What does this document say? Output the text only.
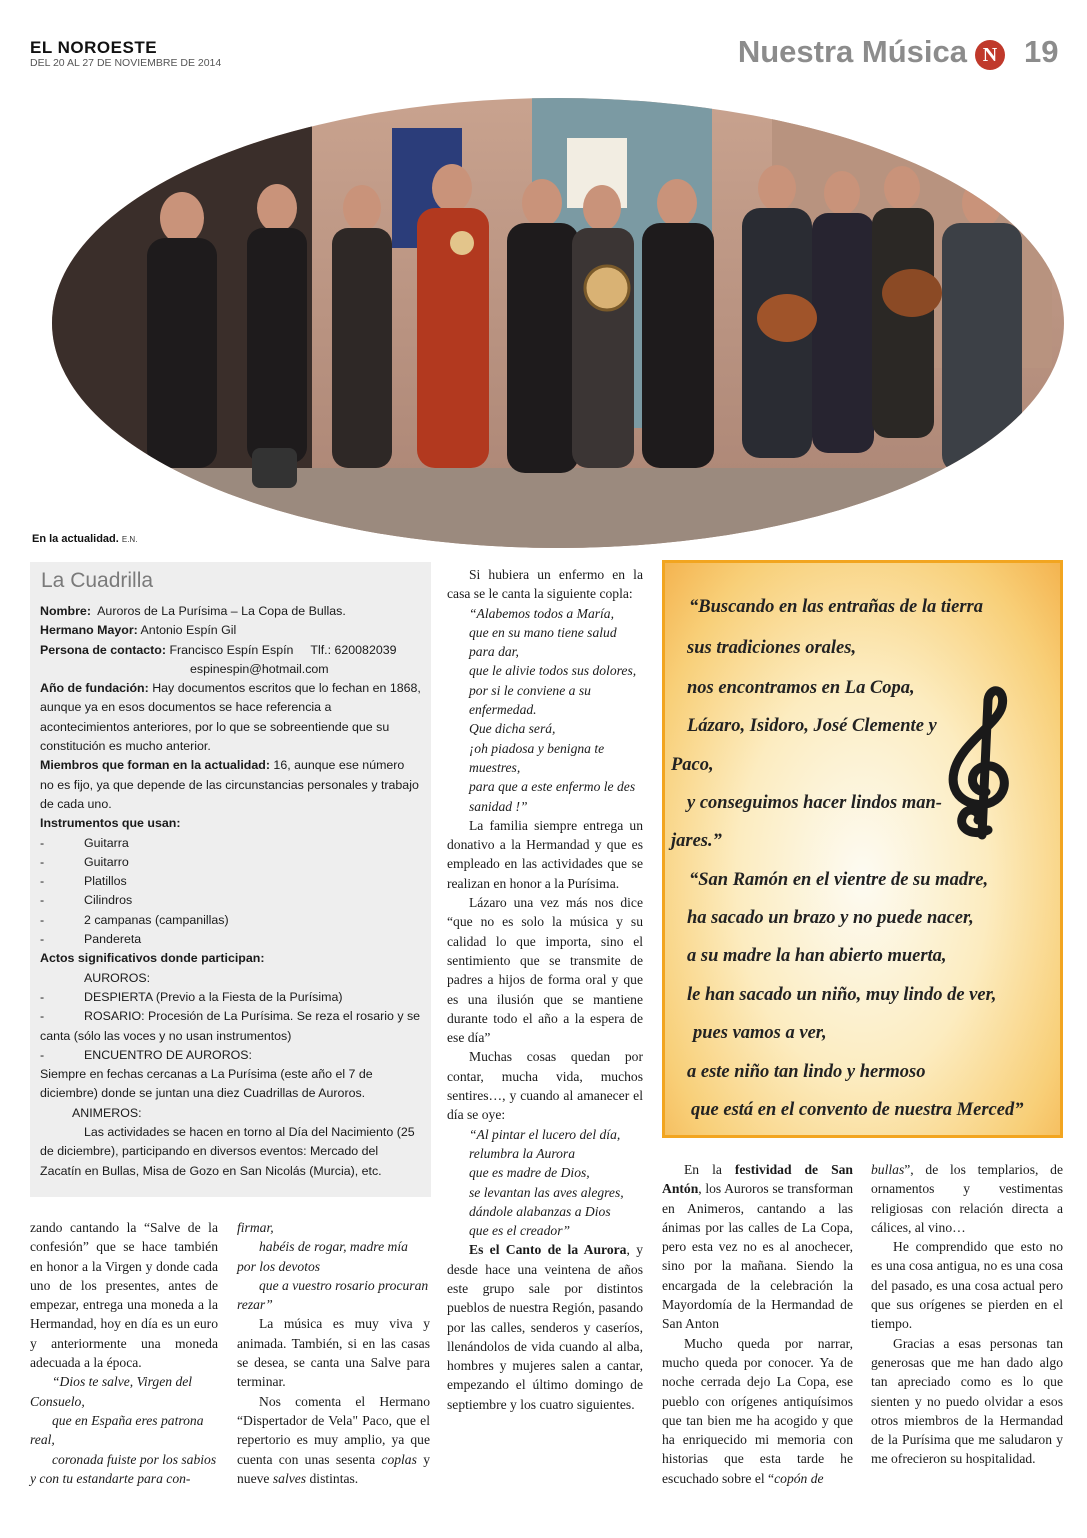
EL NOROESTE
DEL 20 AL 27 DE NOVIEMBRE DE 2014	Nuestra Música N 19
En la actualidad. E.N.
La Cuadrilla

Nombre: Auroros de La Purísima – La Copa de Bullas.

Hermano Mayor: Antonio Espín Gil

Persona de contacto: Francisco Espín Espín     Tlf.: 620082039

espinespin@hotmail.com

Año de fundación: Hay documentos escritos que lo fechan en 1868, aunque ya en esos documentos se hace referencia a acontecimientos anteriores, por lo que se sobreentiende que su constitución es mucho anterior.

Miembros que forman en la actualidad: 16, aunque ese número no es fijo, ya que depende de las circunstancias personales y trabajo de cada uno.

Instrumentos que usan:

-	Guitarra
-	Guitarro
-	Platillos
-	Cilindros
-	2 campanas (campanillas)
-	Pandereta

Actos significativos donde participan:

AUROROS:

-	DESPIERTA (Previo a la Fiesta de la Purísima)

-	ROSARIO: Procesión de La Purísima. Se reza el rosario y se canta (sólo las voces y no usan instrumentos)

-	ENCUENTRO DE AUROROS:

Siempre en fechas cercanas a La Purísima (este año el 7 de diciembre) donde se juntan una diez Cuadrillas de Auroros.

ANIMEROS:

Las actividades se hacen en torno al Día del Nacimiento (25 de diciembre), participando en diversos eventos: Mercado del Zacatín en Bullas, Misa de Gozo en San Nicolás (Murcia), etc.

Si hubiera un enfermo en la casa se le canta la siguiente copla:

“Alabemos todos a María,
que en su mano tiene salud para dar,
que le alivie todos sus dolores,
por si le conviene a su enfermedad.
Que dicha será,
¡oh piadosa y benigna te muestres,
para que a este enfermo le des sanidad !”

La familia siempre entrega un donativo a la Hermandad y que es empleado en las actividades que se realizan en honor a la Purísima.

Lázaro una vez más nos dice “que no es solo la música y su calidad lo que importa, sino el sentimiento que se transmite de padres a hijos de forma oral y que es una ilusión que se mantiene durante todo el año a la espera de ese día”

Muchas cosas quedan por contar, mucha vida, muchos sentires…, y cuando al amanecer el día se oye:

“Al pintar el lucero del día,
relumbra la Aurora
que es madre de Dios,
se levantan las aves alegres,
dándole alabanzas a Dios
que es el creador”

Es el Canto de la Aurora, y desde hace una veintena de años este grupo sale por distintos pueblos de nuestra Región, pasando por las calles, senderos y caseríos, llenándolos de vida cuando al alba, hombres y mujeres salen a cantar, empezando el último domingo de septiembre y los cuatro siguientes.

zando cantando la “Salve de la confesión” que se hace también en honor a la Virgen y donde cada uno de los presentes, antes de empezar, entrega una moneda a la Hermandad, hoy en día es un euro y anteriormente una moneda adecuada a la época.

“Dios te salve, Virgen del Consuelo,

que en España eres patrona real,

coronada fuiste por los sabios

y con tu estandarte para con-

firmar,

habéis de rogar, madre mía por los devotos

que a vuestro rosario procuran rezar”

La música es muy viva y animada. También, si en las casas se desea, se canta una Salve para terminar.

Nos comenta el Hermano “Dispertador de Vela" Paco, que el repertorio es muy amplio, ya que cuenta con unas sesenta coplas y nueve salves distintas.

“Buscando en las entrañas de la tierra
sus tradiciones orales,
nos encontramos en La Copa,
Lázaro, Isidoro, José Clemente y
Paco,
y conseguimos hacer lindos man-
jares.”
“San Ramón en el vientre de su madre,
ha sacado un brazo y no puede nacer,
a su madre la han abierto muerta,
le han sacado un niño, muy lindo de ver,
pues vamos a ver,
a este niño tan lindo y hermoso
que está en el convento de nuestra Merced”

En la festividad de San Antón, los Auroros se transforman en Animeros, cantando a las ánimas por las calles de La Copa, pero esta vez no es al anochecer, sino por la mañana. Siendo la encargada de la celebración la Mayordomía de la Hermandad de San Anton

Mucho queda por narrar, mucho queda por conocer. Ya de noche cerrada dejo La Copa, ese pueblo con orígenes antiquísimos que tan bien me ha acogido y que ha enriquecido mi memoria con historias que esta tarde he escuchado sobre el “copón de

bullas”, de los templarios, de ornamentos y vestimentas religiosas con relación directa a cálices, al vino…

He comprendido que esto no es una cosa antigua, no es una cosa del pasado, es una cosa actual pero que sus orígenes se pierden en el tiempo.

Gracias a esas personas tan generosas que me han dado algo tan apreciado como es lo que sienten y no puedo olvidar a esos otros miembros de la Hermandad de la Purísima que me saludaron y me ofrecieron su hospitalidad.
